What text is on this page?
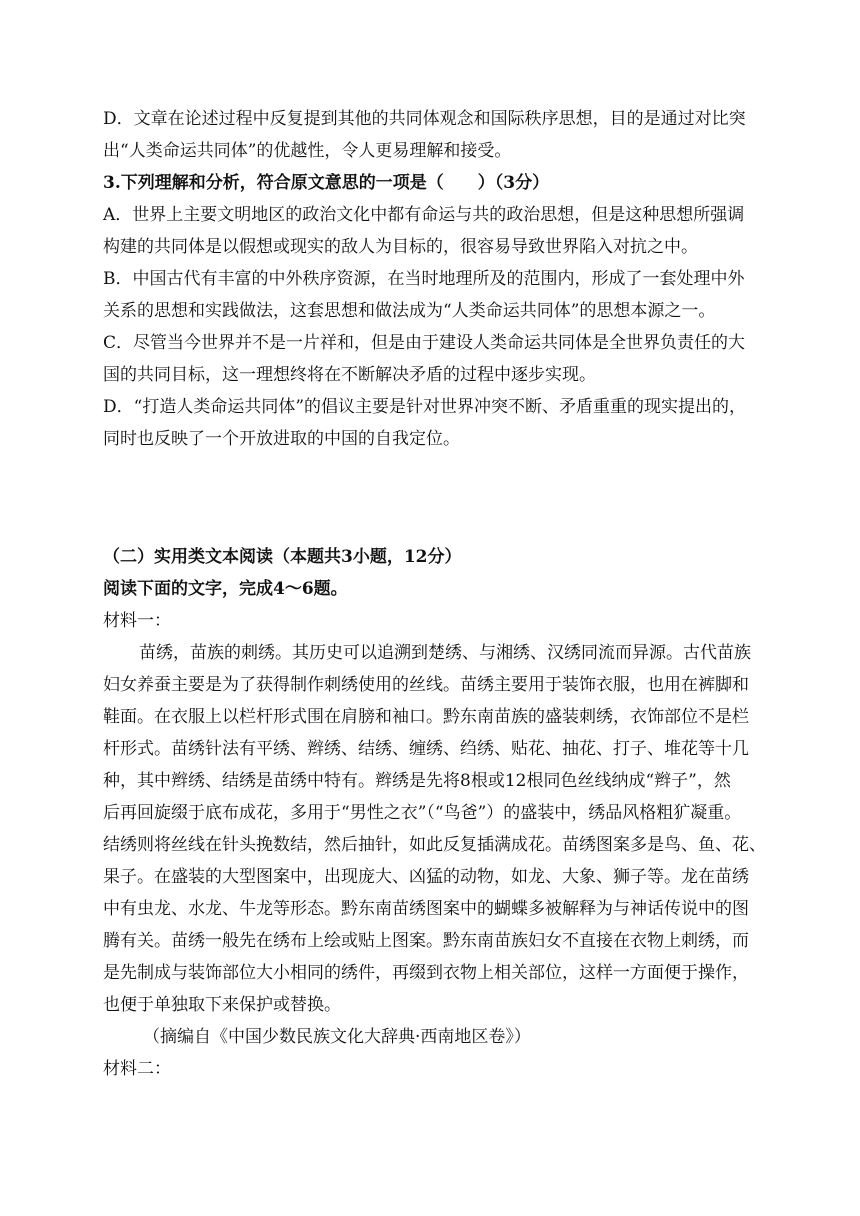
D．文章在论述过程中反复提到其他的共同体观念和国际秩序思想，目的是通过对比突
出“人类命运共同体”的优越性，令人更易理解和接受。
3.下列理解和分析，符合原文意思的一项是（　　）（3分）
A．世界上主要文明地区的政治文化中都有命运与共的政治思想，但是这种思想所强调
构建的共同体是以假想或现实的敌人为目标的，很容易导致世界陷入对抗之中。
B．中国古代有丰富的中外秩序资源，在当时地理所及的范围内，形成了一套处理中外
关系的思想和实践做法，这套思想和做法成为“人类命运共同体”的思想本源之一。
C．尽管当今世界并不是一片祥和，但是由于建设人类命运共同体是全世界负责任的大
国的共同目标，这一理想终将在不断解决矛盾的过程中逐步实现。
D．“打造人类命运共同体”的倡议主要是针对世界冲突不断、矛盾重重的现实提出的，
同时也反映了一个开放进取的中国的自我定位。
（二）实用类文本阅读（本题共3小题，12分）
阅读下面的文字，完成4～6题。
材料一：
苗绣，苗族的刺绣。其历史可以追溯到楚绣、与湘绣、汉绣同流而异源。古代苗族
妇女养蚕主要是为了获得制作刺绣使用的丝线。苗绣主要用于装饰衣服，也用在裤脚和
鞋面。在衣服上以栏杆形式围在肩膀和袖口。黔东南苗族的盛装刺绣，衣饰部位不是栏
杆形式。苗绣针法有平绣、辫绣、结绣、缠绣、绉绣、贴花、抽花、打子、堆花等十几
种，其中辫绣、结绣是苗绣中特有。辫绣是先将8根或12根同色丝线纳成“辫子”，然
后再回旋缀于底布成花，多用于“男性之衣”（“鸟爸”）的盛装中，绣品风格粗犷凝重。
结绣则将丝线在针头挽数结，然后抽针，如此反复插满成花。苗绣图案多是鸟、鱼、花、
果子。在盛装的大型图案中，出现庞大、凶猛的动物，如龙、大象、狮子等。龙在苗绣
中有虫龙、水龙、牛龙等形态。黔东南苗绣图案中的蝴蝶多被解释为与神话传说中的图
腾有关。苗绣一般先在绣布上绘或贴上图案。黔东南苗族妇女不直接在衣物上刺绣，而
是先制成与装饰部位大小相同的绣件，再缀到衣物上相关部位，这样一方面便于操作，
也便于单独取下来保护或替换。
（摘编自《中国少数民族文化大辞典·西南地区卷》）
材料二：
